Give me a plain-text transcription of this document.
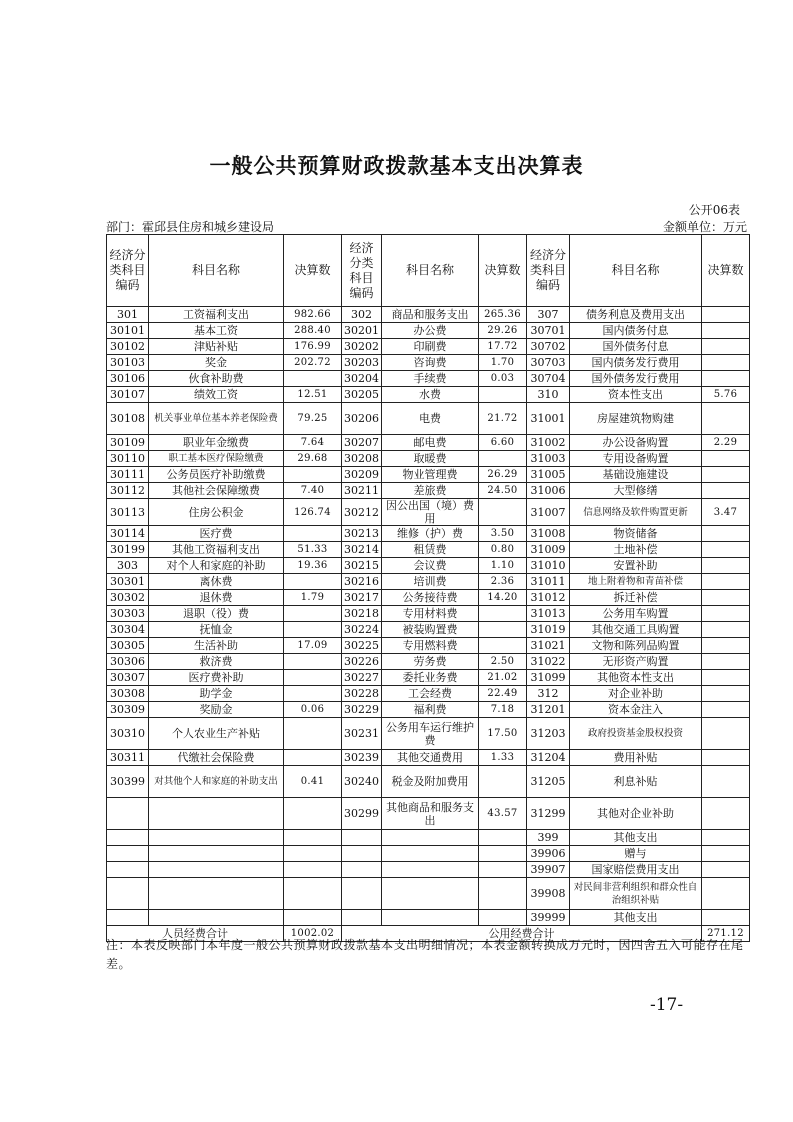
一般公共预算财政拨款基本支出决算表
公开06表
部门：霍邱县住房和城乡建设局	金额单位：万元
经济分类科目编码	科目名称	决算数	经济分类科目编码	科目名称	决算数	经济分类科目编码	科目名称	决算数
301	工资福利支出	982.66	302	商品和服务支出	265.36	307	债务利息及费用支出	
30101	基本工资	288.40	30201	办公费	29.26	30701	国内债务付息	
30102	津贴补贴	176.99	30202	印刷费	17.72	30702	国外债务付息	
30103	奖金	202.72	30203	咨询费	1.70	30703	国内债务发行费用	
30106	伙食补助费		30204	手续费	0.03	30704	国外债务发行费用	
30107	绩效工资	12.51	30205	水费		310	资本性支出	5.76
30108	机关事业单位基本养老保险费	79.25	30206	电费	21.72	31001	房屋建筑物购建	
30109	职业年金缴费	7.64	30207	邮电费	6.60	31002	办公设备购置	2.29
30110	职工基本医疗保险缴费	29.68	30208	取暖费		31003	专用设备购置	
30111	公务员医疗补助缴费		30209	物业管理费	26.29	31005	基础设施建设	
30112	其他社会保障缴费	7.40	30211	差旅费	24.50	31006	大型修缮	
30113	住房公积金	126.74	30212	因公出国（境）费用		31007	信息网络及软件购置更新	3.47
30114	医疗费		30213	维修（护）费	3.50	31008	物资储备	
30199	其他工资福利支出	51.33	30214	租赁费	0.80	31009	土地补偿	
303	对个人和家庭的补助	19.36	30215	会议费	1.10	31010	安置补助	
30301	离休费		30216	培训费	2.36	31011	地上附着物和青苗补偿	
30302	退休费	1.79	30217	公务接待费	14.20	31012	拆迁补偿	
30303	退职（役）费		30218	专用材料费		31013	公务用车购置	
30304	抚恤金		30224	被装购置费		31019	其他交通工具购置	
30305	生活补助	17.09	30225	专用燃料费		31021	文物和陈列品购置	
30306	救济费		30226	劳务费	2.50	31022	无形资产购置	
30307	医疗费补助		30227	委托业务费	21.02	31099	其他资本性支出	
30308	助学金		30228	工会经费	22.49	312	对企业补助	
30309	奖励金	0.06	30229	福利费	7.18	31201	资本金注入	
30310	个人农业生产补贴		30231	公务用车运行维护费	17.50	31203	政府投资基金股权投资	
30311	代缴社会保险费		30239	其他交通费用	1.33	31204	费用补贴	
30399	对其他个人和家庭的补助支出	0.41	30240	税金及附加费用		31205	利息补贴	
			30299	其他商品和服务支出	43.57	31299	其他对企业补助	
						399	其他支出	
						39906	赠与	
						39907	国家赔偿费用支出	
						39908	对民间非营利组织和群众性自治组织补贴	
						39999	其他支出	
人员经费合计		1002.02	公用经费合计					271.12
注：本表反映部门本年度一般公共预算财政拨款基本支出明细情况；本表金额转换成万元时，因四舍五入可能存在尾差。
-17-
